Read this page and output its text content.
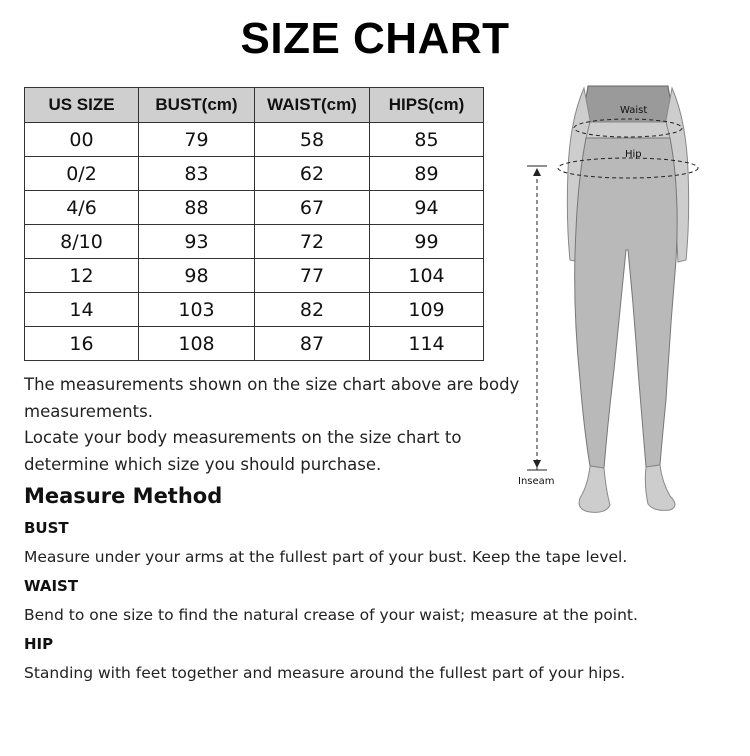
SIZE CHART
US SIZE	BUST(cm)	WAIST(cm)	HIPS(cm)
00	79	58	85
0/2	83	62	89
4/6	88	67	94
8/10	93	72	99
12	98	77	104
14	103	82	109
16	108	87	114

The measurements shown on the size chart above are body measurements.

Locate your body measurements on the size chart to determine which size you should purchase.

Measure Method
BUST
Measure under your arms at the fullest part of your bust. Keep the tape level.
WAIST
Bend to one size to find the natural crease of your waist; measure at the point.
HIP
Standing with feet together and measure around the fullest part of your hips.
Waist
Hip
Inseam
